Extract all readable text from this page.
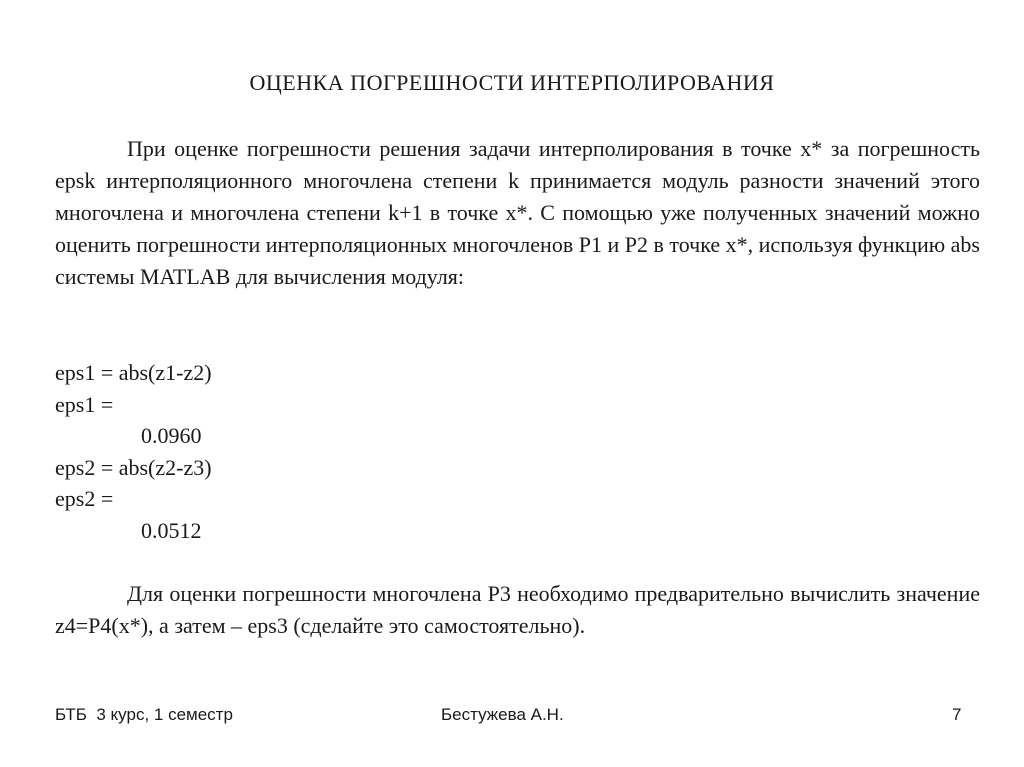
ОЦЕНКА ПОГРЕШНОСТИ ИНТЕРПОЛИРОВАНИЯ
При оценке погрешности решения задачи интерполирования в точке x* за погрешность epsk интерполяционного многочлена степени k принимается модуль разности значений этого многочлена и многочлена степени k+1 в точке x*. С помощью уже полученных значений можно оценить погрешности интерполяционных многочленов P1 и P2 в точке x*, используя функцию abs системы MATLAB для вычисления модуля:
eps1 = abs(z1-z2)
eps1 =
0.0960
eps2 = abs(z2-z3)
eps2 =
0.0512
Для оценки погрешности многочлена P3 необходимо предварительно вычислить значение z4=P4(x*), а затем – eps3 (сделайте это самостоятельно).
БТБ  3 курс, 1 семестр	Бестужева А.Н.	7
